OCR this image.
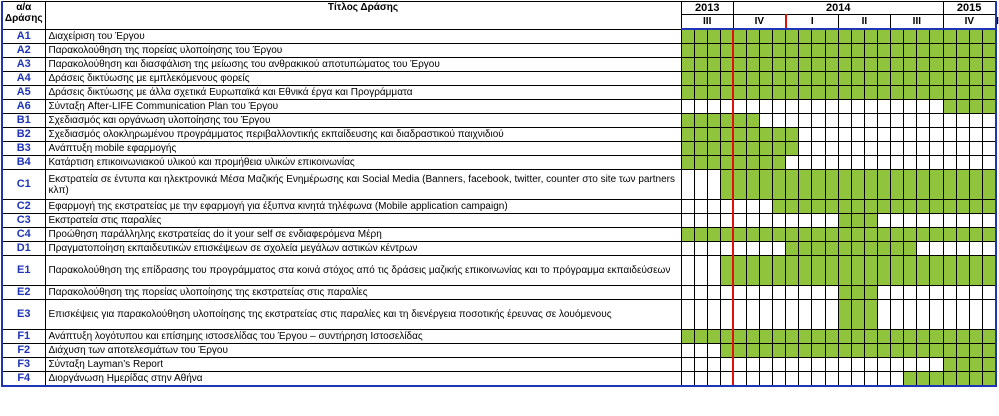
α/α Δράσης	Τίτλος Δράσης	2013				2014																2015				
		III				IV				I				II				III				IV				I
A1	Διαχείριση του Έργου																									
A2	Παρακολούθηση της πορείας υλοποίησης του Έργου																									
A3	Παρακολούθηση και διασφάλιση της μείωσης του ανθρακικού αποτυπώματος του Έργου																									
A4	Δράσεις δικτύωσης με εμπλεκόμενους φορείς																									
A5	Δράσεις δικτύωσης με άλλα σχετικά Ευρωπαϊκά και Εθνικά έργα και Προγράμματα																									
A6	Σύνταξη After-LIFE Communication Plan του Έργου																									
B1	Σχεδιασμός και οργάνωση υλοποίησης του Έργου																									
B2	Σχεδιασμός ολοκληρωμένου προγράμματος περιβαλλοντικής εκπαίδευσης και διαδραστικού παιχνιδιού																									
B3	Ανάπτυξη mobile εφαρμογής																									
B4	Κατάρτιση επικοινωνιακού υλικού και προμήθεια υλικών επικοινωνίας																									
C1	Εκστρατεία σε έντυπα και ηλεκτρονικά Μέσα Μαζικής Ενημέρωσης και Social Media (Banners, facebook, twitter, counter στο site των partners κλπ)																									
C2	Εφαρμογή της εκστρατείας με την εφαρμογή για έξυπνα κινητά τηλέφωνα (Mobile application campaign)																									
C3	Εκστρατεία στις παραλίες																									
C4	Προώθηση παράλληλης εκστρατείας do it your self σε ενδιαφερόμενα Μέρη																									
D1	Πραγματοποίηση εκπαιδευτικών επισκέψεων σε σχολεία μεγάλων αστικών κέντρων																									
E1	Παρακολούθηση της επίδρασης του προγράμματος στα κοινά στόχος από τις δράσεις μαζικής επικοινωνίας και το πρόγραμμα εκπαιδεύσεων																									
E2	Παρακολούθηση της πορείας υλοποίησης της εκστρατείας στις παραλίες																									
E3	Επισκέψεις για παρακολούθηση υλοποίησης της εκστρατείας στις παραλίες και τη διενέργεια ποσοτικής έρευνας σε λουόμενους																									
F1	Ανάπτυξη λογότυπου και επίσημης ιστοσελίδας του Έργου – συντήρηση Ιστοσελίδας																									
F2	Διάχυση των αποτελεσμάτων του Έργου																									
F3	Σύνταξη Layman’s Report																									
F4	Διοργάνωση Ημερίδας στην Αθήνα																									
